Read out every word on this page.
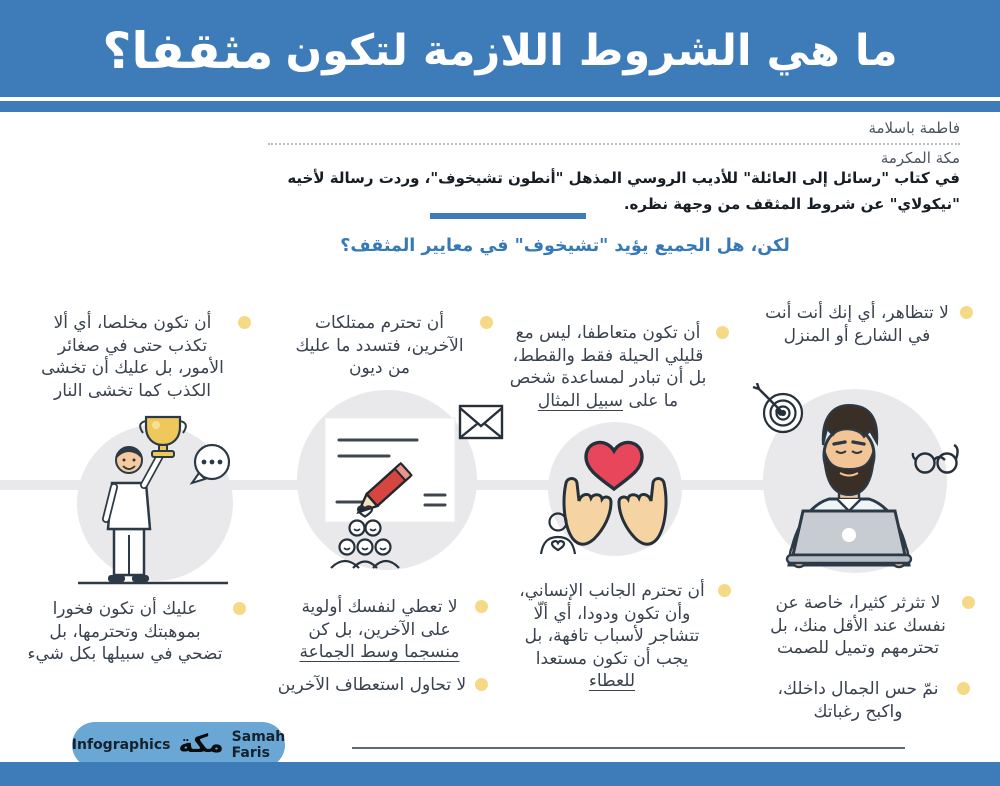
ما هي الشروط اللازمة لتكون
مثقفا؟
فاطمة باسلامة
مكة المكرمة
في كتاب "رسائل إلى العائلة" للأديب الروسي المذهل "أنطون تشيخوف"، وردت رسالة لأخيه "نيكولاي" عن شروط المثقف من وجهة نظره.
لكن، هل الجميع يؤيد "تشيخوف" في معايير المثقف؟
أن تكون مخلصا، أي ألا تكذب حتى في صغائر الأمور، بل عليك أن تخشى الكذب كما تخشى النار
عليك أن تكون فخورا بموهبتك وتحترمها، بل تضحي في سبيلها بكل شيء
أن تحترم ممتلكات الآخرين، فتسدد ما عليك من ديون
لا تعطي لنفسك أولوية على الآخرين، بل كن منسجما وسط الجماعة
لا تحاول استعطاف الآخرين
أن تكون متعاطفا، ليس مع قليلي الحيلة فقط والقطط، بل أن تبادر لمساعدة شخص ما على سبيل المثال
أن تحترم الجانب الإنساني، وأن تكون ودودا، أي ألّا تتشاجر لأسباب تافهة، بل يجب أن تكون مستعدا للعطاء
لا تتظاهر، أي إنك أنت أنت في الشارع أو المنزل
لا تثرثر كثيرا، خاصة عن نفسك عند الأقل منك، بل تحترمهم وتميل للصمت
نمّ حس الجمال داخلك، واكبح رغباتك
Infographics مكة Samah Faris
